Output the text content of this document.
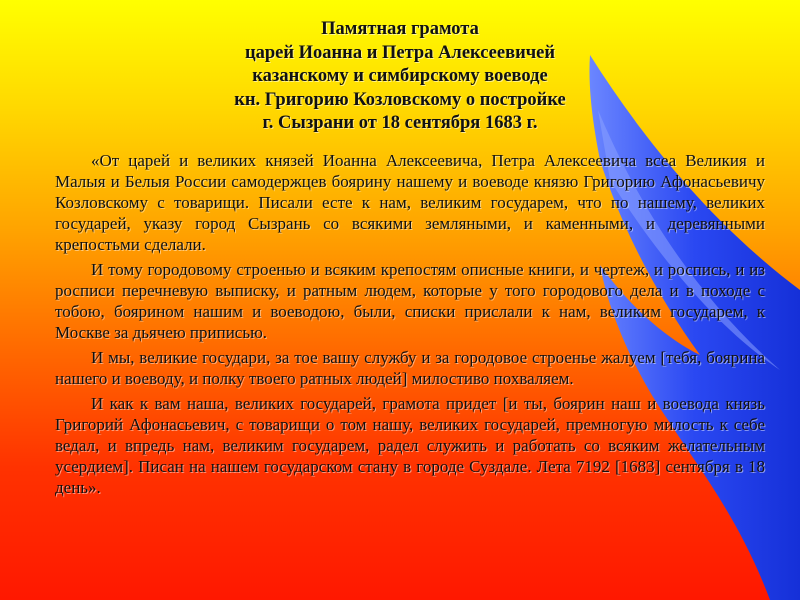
Памятная грамота
царей Иоанна и Петра Алексеевичей
казанскому и симбирскому воеводе
кн. Григорию Козловскому о постройке
г. Сызрани от 18 сентября 1683 г.

«От царей и великих князей Иоанна Алексеевича, Петра Алексеевича всеа Великия и Малыя и Белыя России самодержцев боярину нашему и воеводе князю Григорию Афонасьевичу Козловскому с товарищи. Писали есте к нам, великим государем, что по нашему, великих государей, указу город Сызрань со всякими земляными, и каменными, и деревянными крепостьми сделали.

И тому городовому строенью и всяким крепостям описные книги, и чертеж, и роспись, и из росписи перечневую выписку, и ратным людем, которые у того городового дела и в походе с тобою, боярином нашим и воеводою, были, списки прислали к нам, великим государем, к Москве за дьячею приписью.

И мы, великие государи, за тое вашу службу и за городовое строенье жалуем [тебя, боярина нашего и воеводу, и полку твоего ратных людей] милостиво похваляем.

И как к вам наша, великих государей, грамота придет [и ты, боярин наш и воевода князь Григорий Афонасьевич, с товарищи о том нашу, великих государей, премногую милость к себе ведал, и впредь нам, великим государем, радел служить и работать со всяким желательным усердием]. Писан на нашем государском стану в городе Суздале. Лета 7192 [1683] сентября в 18 день».
